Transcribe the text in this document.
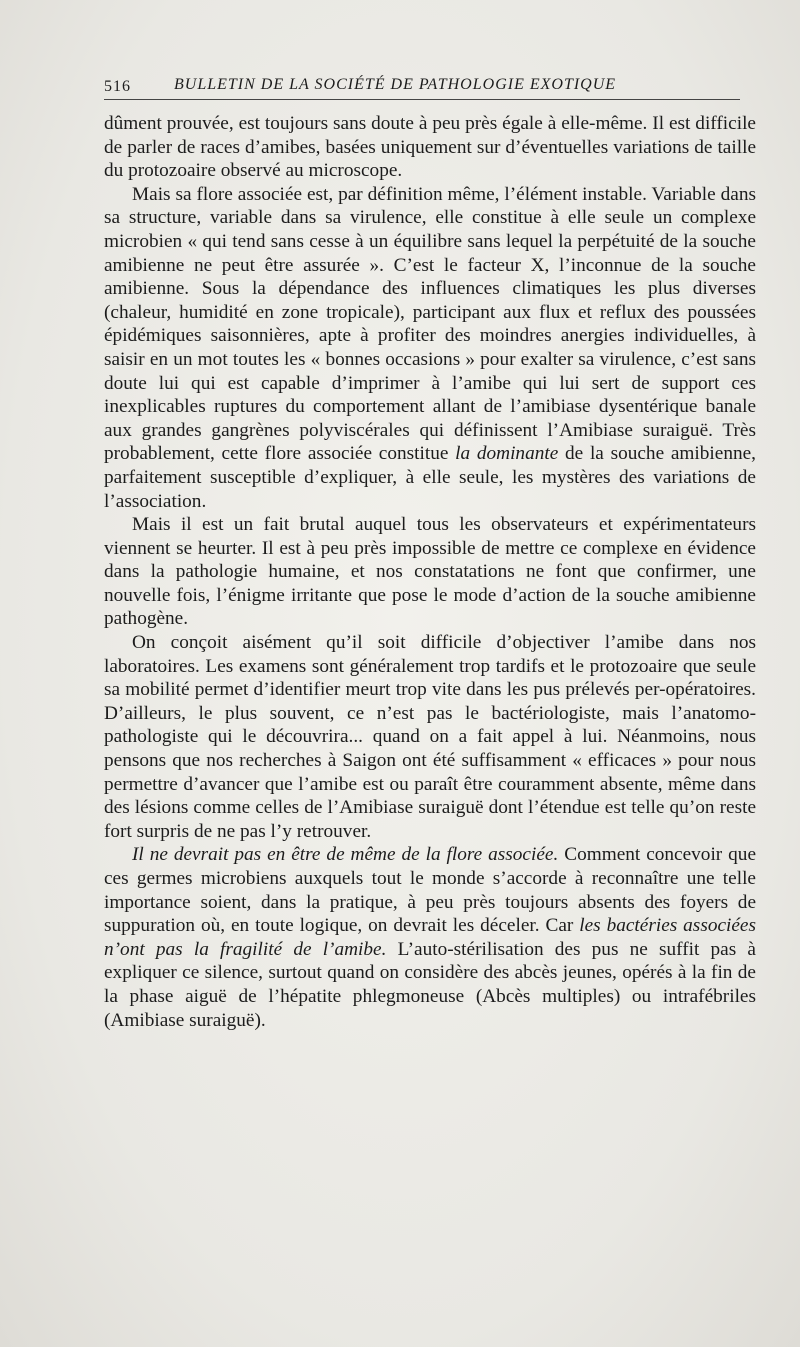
516	BULLETIN DE LA SOCIÉTÉ DE PATHOLOGIE EXOTIQUE

dûment prouvée, est toujours sans doute à peu près égale à elle-même. Il est difficile de parler de races d’amibes, basées uniquement sur d’éventuelles variations de taille du protozoaire observé au microscope.

Mais sa flore associée est, par définition même, l’élément instable. Variable dans sa structure, variable dans sa virulence, elle constitue à elle seule un complexe microbien « qui tend sans cesse à un équilibre sans lequel la perpétuité de la souche amibienne ne peut être assurée ». C’est le facteur X, l’inconnue de la souche amibienne. Sous la dépendance des influences climatiques les plus diverses (chaleur, humidité en zone tropicale), participant aux flux et reflux des poussées épidémiques saisonnières, apte à profiter des moindres anergies individuelles, à saisir en un mot toutes les « bonnes occasions » pour exalter sa virulence, c’est sans doute lui qui est capable d’imprimer à l’amibe qui lui sert de support ces inexplicables ruptures du comportement allant de l’amibiase dysentérique banale aux grandes gangrènes polyviscérales qui définissent l’Amibiase suraiguë. Très probablement, cette flore associée constitue la dominante de la souche amibienne, parfaitement susceptible d’expliquer, à elle seule, les mystères des variations de l’association.

Mais il est un fait brutal auquel tous les observateurs et expérimentateurs viennent se heurter. Il est à peu près impossible de mettre ce complexe en évidence dans la pathologie humaine, et nos constatations ne font que confirmer, une nouvelle fois, l’énigme irritante que pose le mode d’action de la souche amibienne pathogène.

On conçoit aisément qu’il soit difficile d’objectiver l’amibe dans nos laboratoires. Les examens sont généralement trop tardifs et le protozoaire que seule sa mobilité permet d’identifier meurt trop vite dans les pus prélevés per-opératoires. D’ailleurs, le plus souvent, ce n’est pas le bactériologiste, mais l’anatomo-pathologiste qui le découvrira... quand on a fait appel à lui. Néanmoins, nous pensons que nos recherches à Saigon ont été suffisamment « efficaces » pour nous permettre d’avancer que l’amibe est ou paraît être couramment absente, même dans des lésions comme celles de l’Amibiase suraiguë dont l’étendue est telle qu’on reste fort surpris de ne pas l’y retrouver.

Il ne devrait pas en être de même de la flore associée. Comment concevoir que ces germes microbiens auxquels tout le monde s’accorde à reconnaître une telle importance soient, dans la pratique, à peu près toujours absents des foyers de suppuration où, en toute logique, on devrait les déceler. Car les bactéries associées n’ont pas la fragilité de l’amibe. L’auto-stérilisation des pus ne suffit pas à expliquer ce silence, surtout quand on considère des abcès jeunes, opérés à la fin de la phase aiguë de l’hépatite phlegmoneuse (Abcès multiples) ou intrafébriles (Amibiase suraiguë).
